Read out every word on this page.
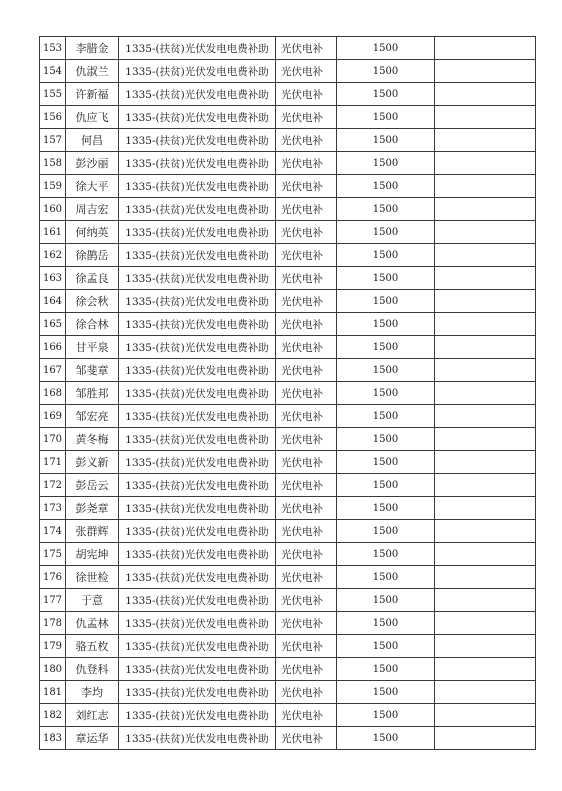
153	李腊金	1335-(扶贫)光伏发电电费补助	光伏电补	1500	
154	仇淑兰	1335-(扶贫)光伏发电电费补助	光伏电补	1500	
155	许新福	1335-(扶贫)光伏发电电费补助	光伏电补	1500	
156	仇应飞	1335-(扶贫)光伏发电电费补助	光伏电补	1500	
157	何昌	1335-(扶贫)光伏发电电费补助	光伏电补	1500	
158	彭沙丽	1335-(扶贫)光伏发电电费补助	光伏电补	1500	
159	徐大平	1335-(扶贫)光伏发电电费补助	光伏电补	1500	
160	周吉宏	1335-(扶贫)光伏发电电费补助	光伏电补	1500	
161	何纳英	1335-(扶贫)光伏发电电费补助	光伏电补	1500	
162	徐鹊岳	1335-(扶贫)光伏发电电费补助	光伏电补	1500	
163	徐孟良	1335-(扶贫)光伏发电电费补助	光伏电补	1500	
164	徐会秋	1335-(扶贫)光伏发电电费补助	光伏电补	1500	
165	徐合林	1335-(扶贫)光伏发电电费补助	光伏电补	1500	
166	甘平泉	1335-(扶贫)光伏发电电费补助	光伏电补	1500	
167	邹斐章	1335-(扶贫)光伏发电电费补助	光伏电补	1500	
168	邹胜邦	1335-(扶贫)光伏发电电费补助	光伏电补	1500	
169	邹宏亮	1335-(扶贫)光伏发电电费补助	光伏电补	1500	
170	黄冬梅	1335-(扶贫)光伏发电电费补助	光伏电补	1500	
171	彭义新	1335-(扶贫)光伏发电电费补助	光伏电补	1500	
172	彭岳云	1335-(扶贫)光伏发电电费补助	光伏电补	1500	
173	彭尧章	1335-(扶贫)光伏发电电费补助	光伏电补	1500	
174	张群辉	1335-(扶贫)光伏发电电费补助	光伏电补	1500	
175	胡宪坤	1335-(扶贫)光伏发电电费补助	光伏电补	1500	
176	徐世检	1335-(扶贫)光伏发电电费补助	光伏电补	1500	
177	于意	1335-(扶贫)光伏发电电费补助	光伏电补	1500	
178	仇孟林	1335-(扶贫)光伏发电电费补助	光伏电补	1500	
179	骆五枚	1335-(扶贫)光伏发电电费补助	光伏电补	1500	
180	仇登科	1335-(扶贫)光伏发电电费补助	光伏电补	1500	
181	李均	1335-(扶贫)光伏发电电费补助	光伏电补	1500	
182	刘红志	1335-(扶贫)光伏发电电费补助	光伏电补	1500	
183	章运华	1335-(扶贫)光伏发电电费补助	光伏电补	1500	
